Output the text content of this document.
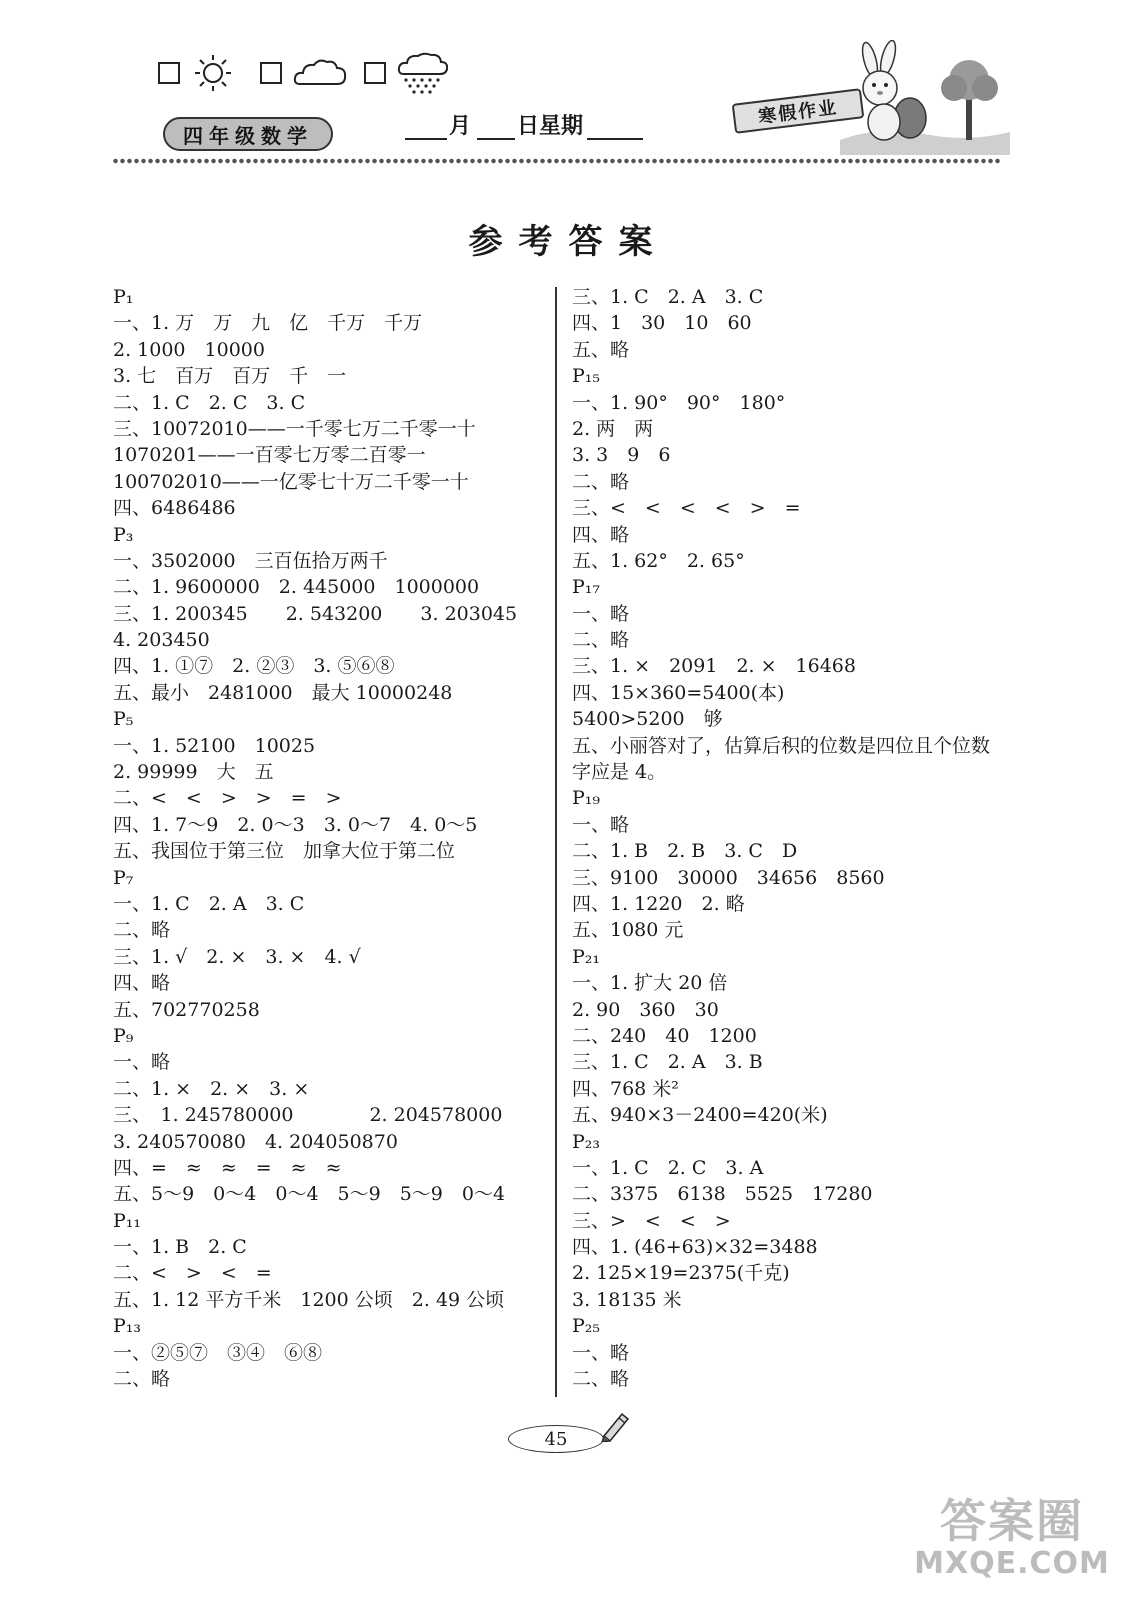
四年级数学	月 日星期	寒假作业
参考答案
P₁
一、1. 万　万　九　亿　千万　千万
2. 1000　10000
3. 七　百万　百万　千　一
二、1. C　2. C　3. C
三、10072010——一千零七万二千零一十
1070201——一百零七万零二百零一
100702010——一亿零七十万二千零一十
四、6486486
P₃
一、3502000　三百伍拾万两千
二、1. 9600000　2. 445000　1000000
三、1. 200345　　2. 543200　　3. 203045
4. 203450
四、1. ①⑦　2. ②③　3. ⑤⑥⑧
五、最小　2481000　最大 10000248
P₅
一、1. 52100　10025
2. 99999　大　五
二、<　<　>　>　=　>
四、1. 7～9　2. 0～3　3. 0～7　4. 0～5
五、我国位于第三位　加拿大位于第二位
P₇
一、1. C　2. A　3. C
二、略
三、1. √　2. ×　3. ×　4. √
四、略
五、702770258
P₉
一、略
二、1. ×　2. ×　3. ×
三、　1. 245780000　　　　2. 204578000
3. 240570080　4. 204050870
四、=　≈　≈　=　≈　≈
五、5～9　0～4　0～4　5～9　5～9　0～4
P₁₁
一、1. B　2. C
二、<　>　<　=
五、1. 12 平方千米　1200 公顷　2. 49 公顷
P₁₃
一、②⑤⑦　③④　⑥⑧
二、略
三、1. C　2. A　3. C
四、1　30　10　60
五、略
P₁₅
一、1. 90°　90°　180°
2. 两　两
3. 3　9　6
二、略
三、<　<　<　<　>　=
四、略
五、1. 62°　2. 65°
P₁₇
一、略
二、略
三、1. ×　2091　2. ×　16468
四、15×360=5400(本)
5400>5200　够
五、小丽答对了，估算后积的位数是四位且个位数字应是 4。
P₁₉
一、略
二、1. B　2. B　3. C　D
三、9100　30000　34656　8560
四、1. 1220　2. 略
五、1080 元
P₂₁
一、1. 扩大 20 倍
2. 90　360　30
二、240　40　1200
三、1. C　2. A　3. B
四、768 米²
五、940×3－2400=420(米)
P₂₃
一、1. C　2. C　3. A
二、3375　6138　5525　17280
三、>　<　<　>
四、1. (46+63)×32=3488
2. 125×19=2375(千克)
3. 18135 米
P₂₅
一、略
二、略
45
答案圈
MXQE.COM
